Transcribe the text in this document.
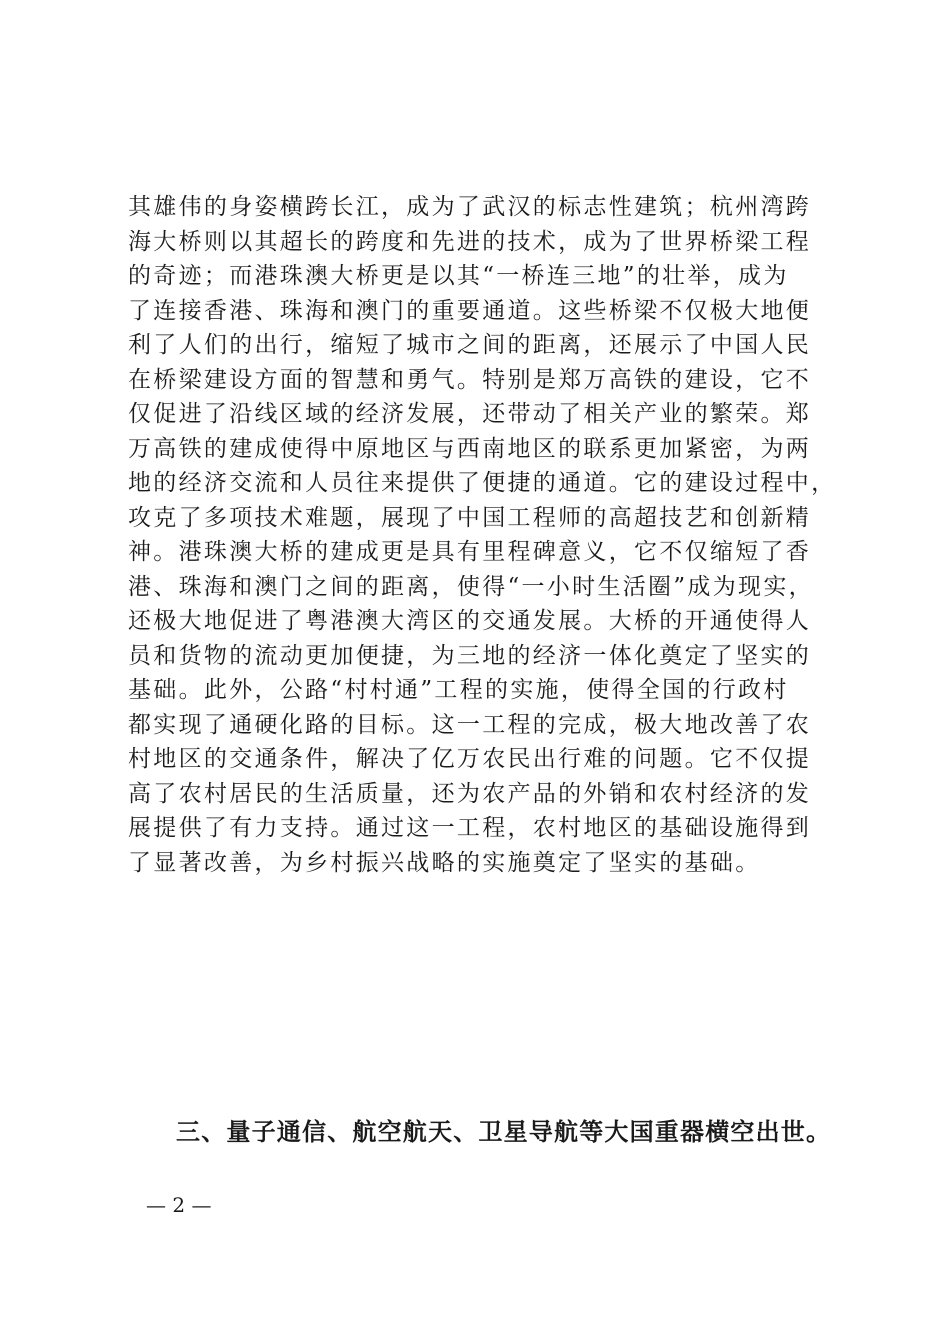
其雄伟的身姿横跨长江，成为了武汉的标志性建筑；杭州湾跨
海大桥则以其超长的跨度和先进的技术，成为了世界桥梁工程
的奇迹；而港珠澳大桥更是以其“一桥连三地”的壮举，成为
了连接香港、珠海和澳门的重要通道。这些桥梁不仅极大地便
利了人们的出行，缩短了城市之间的距离，还展示了中国人民
在桥梁建设方面的智慧和勇气。特别是郑万高铁的建设，它不
仅促进了沿线区域的经济发展，还带动了相关产业的繁荣。郑
万高铁的建成使得中原地区与西南地区的联系更加紧密，为两
地的经济交流和人员往来提供了便捷的通道。它的建设过程中，
攻克了多项技术难题，展现了中国工程师的高超技艺和创新精
神。港珠澳大桥的建成更是具有里程碑意义，它不仅缩短了香
港、珠海和澳门之间的距离，使得“一小时生活圈”成为现实，
还极大地促进了粤港澳大湾区的交通发展。大桥的开通使得人
员和货物的流动更加便捷，为三地的经济一体化奠定了坚实的
基础。此外，公路“村村通”工程的实施，使得全国的行政村
都实现了通硬化路的目标。这一工程的完成，极大地改善了农
村地区的交通条件，解决了亿万农民出行难的问题。它不仅提
高了农村居民的生活质量，还为农产品的外销和农村经济的发
展提供了有力支持。通过这一工程，农村地区的基础设施得到
了显著改善，为乡村振兴战略的实施奠定了坚实的基础。

三、量子通信、航空航天、卫星导航等大国重器横空出世。

— 2 —
